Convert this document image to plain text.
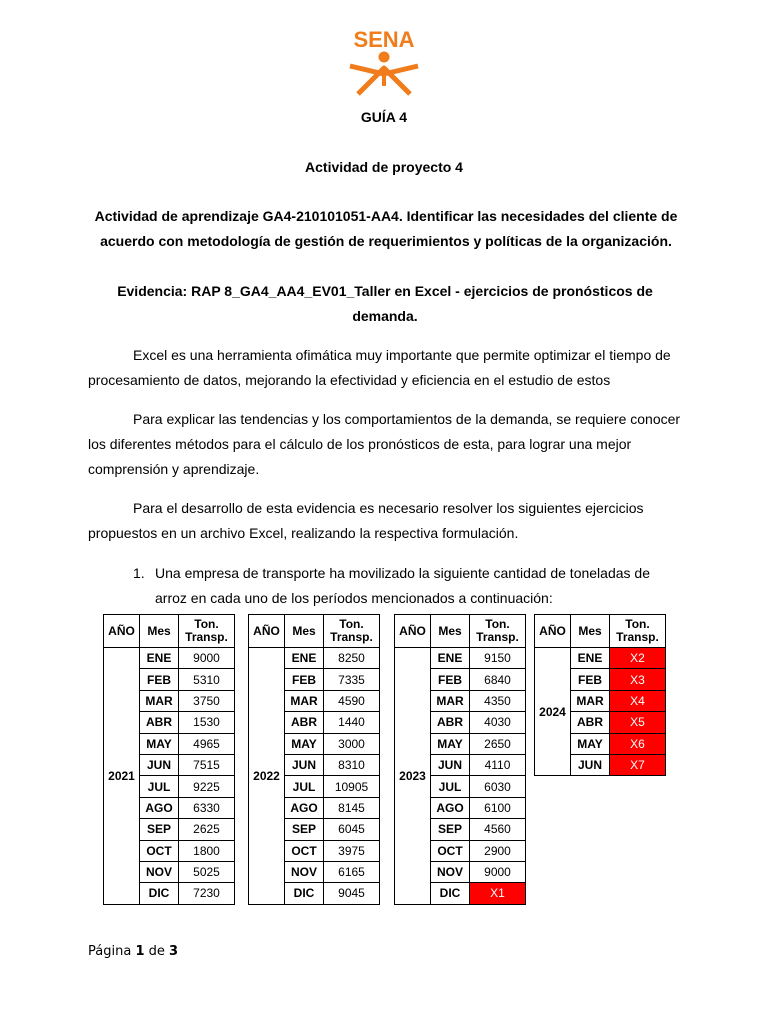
SENA
GUÍA 4
Actividad de proyecto 4
Actividad de aprendizaje GA4-210101051-AA4. Identificar las necesidades del cliente de acuerdo con metodología de gestión de requerimientos y políticas de la organización.
Evidencia: RAP 8_GA4_AA4_EV01_Taller en Excel - ejercicios de pronósticos de demanda.
Excel es una herramienta ofimática muy importante que permite optimizar el tiempo de procesamiento de datos, mejorando la efectividad y eficiencia en el estudio de estos
Para explicar las tendencias y los comportamientos de la demanda, se requiere conocer los diferentes métodos para el cálculo de los pronósticos de esta, para lograr una mejor comprensión y aprendizaje.
Para el desarrollo de esta evidencia es necesario resolver los siguientes ejercicios propuestos en un archivo Excel, realizando la respectiva formulación.
1. Una empresa de transporte ha movilizado la siguiente cantidad de toneladas de arroz en cada uno de los períodos mencionados a continuación:
AÑO	Mes	Ton.
Transp.
2021	ENE	9000
	FEB	5310
	MAR	3750
	ABR	1530
	MAY	4965
	JUN	7515
	JUL	9225
	AGO	6330
	SEP	2625
	OCT	1800
	NOV	5025
	DIC	7230
AÑO	Mes	Ton.
Transp.
2022	ENE	8250
	FEB	7335
	MAR	4590
	ABR	1440
	MAY	3000
	JUN	8310
	JUL	10905
	AGO	8145
	SEP	6045
	OCT	3975
	NOV	6165
	DIC	9045
AÑO	Mes	Ton.
Transp.
2023	ENE	9150
	FEB	6840
	MAR	4350
	ABR	4030
	MAY	2650
	JUN	4110
	JUL	6030
	AGO	6100
	SEP	4560
	OCT	2900
	NOV	9000
	DIC	X1
AÑO	Mes	Ton.
Transp.
2024	ENE	X2
	FEB	X3
	MAR	X4
	ABR	X5
	MAY	X6
	JUN	X7
Página 1 de 3
